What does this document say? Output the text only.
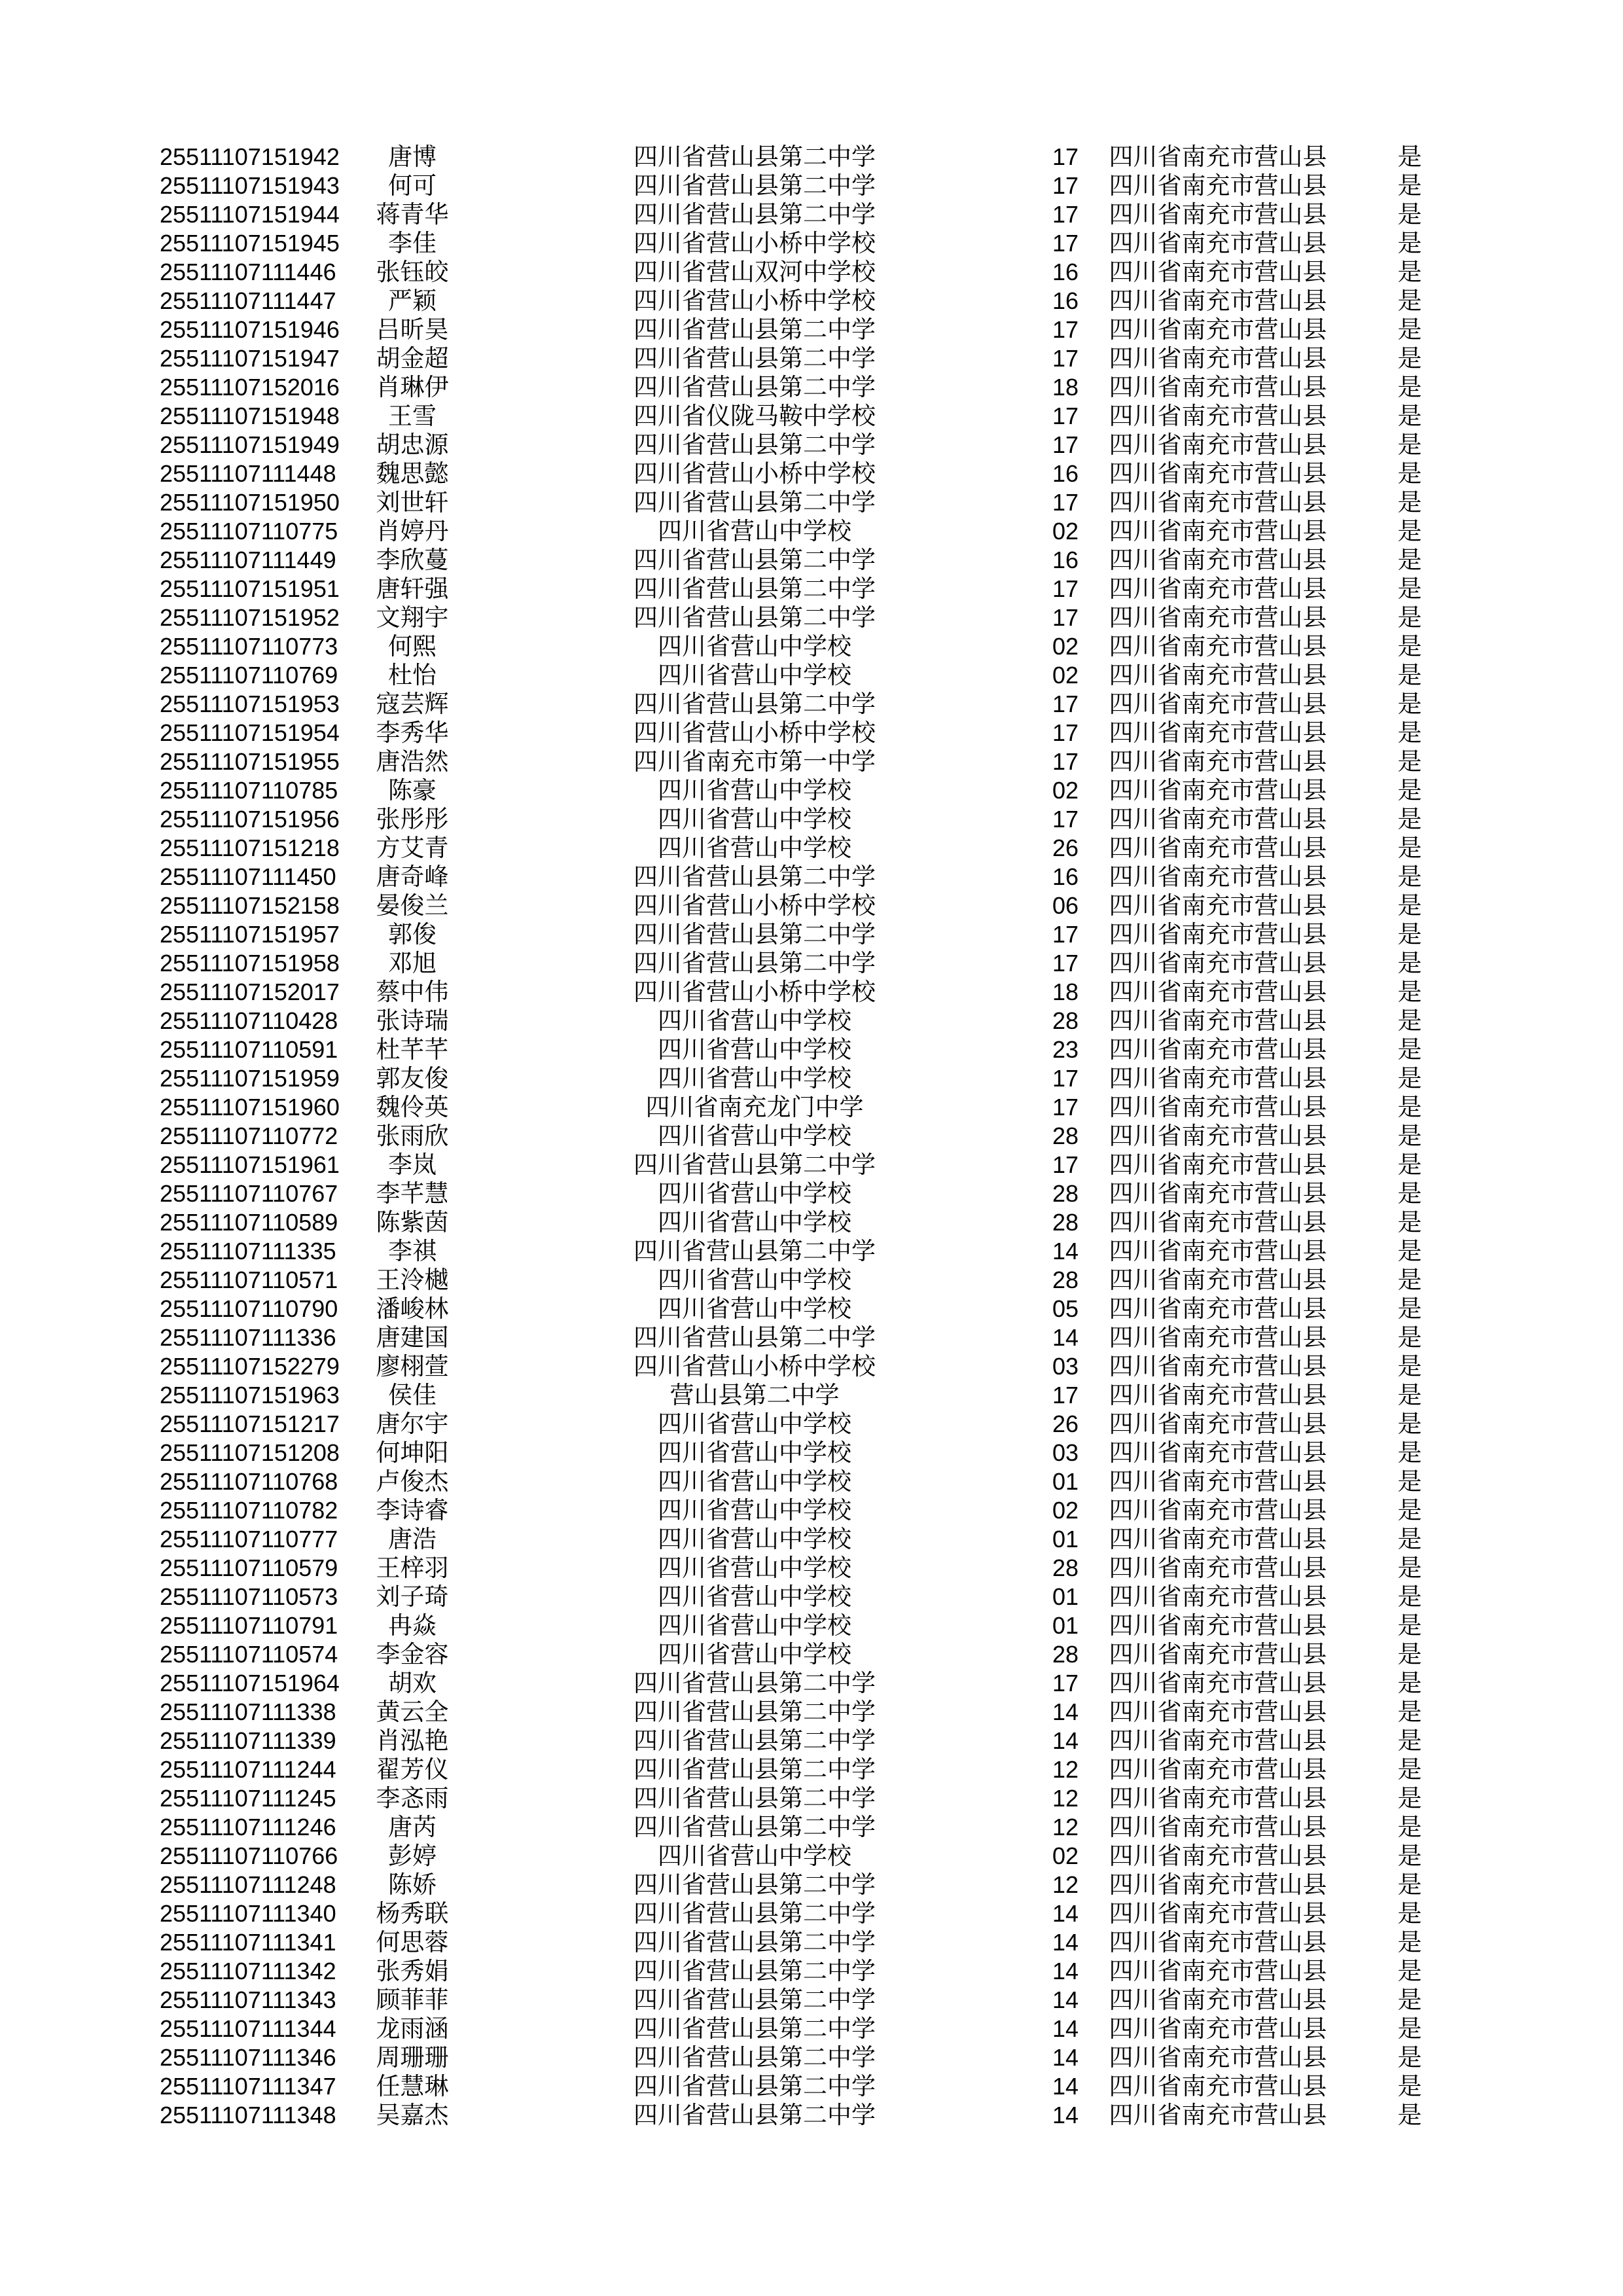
25511107151942	唐博	四川省营山县第二中学	17	四川省南充市营山县	是
25511107151943	何可	四川省营山县第二中学	17	四川省南充市营山县	是
25511107151944	蒋青华	四川省营山县第二中学	17	四川省南充市营山县	是
25511107151945	李佳	四川省营山小桥中学校	17	四川省南充市营山县	是
25511107111446	张钰皎	四川省营山双河中学校	16	四川省南充市营山县	是
25511107111447	严颖	四川省营山小桥中学校	16	四川省南充市营山县	是
25511107151946	吕昕昊	四川省营山县第二中学	17	四川省南充市营山县	是
25511107151947	胡金超	四川省营山县第二中学	17	四川省南充市营山县	是
25511107152016	肖琳伊	四川省营山县第二中学	18	四川省南充市营山县	是
25511107151948	王雪	四川省仪陇马鞍中学校	17	四川省南充市营山县	是
25511107151949	胡忠源	四川省营山县第二中学	17	四川省南充市营山县	是
25511107111448	魏思懿	四川省营山小桥中学校	16	四川省南充市营山县	是
25511107151950	刘世轩	四川省营山县第二中学	17	四川省南充市营山县	是
25511107110775	肖婷丹	四川省营山中学校	02	四川省南充市营山县	是
25511107111449	李欣蔓	四川省营山县第二中学	16	四川省南充市营山县	是
25511107151951	唐轩强	四川省营山县第二中学	17	四川省南充市营山县	是
25511107151952	文翔宇	四川省营山县第二中学	17	四川省南充市营山县	是
25511107110773	何熙	四川省营山中学校	02	四川省南充市营山县	是
25511107110769	杜怡	四川省营山中学校	02	四川省南充市营山县	是
25511107151953	寇芸辉	四川省营山县第二中学	17	四川省南充市营山县	是
25511107151954	李秀华	四川省营山小桥中学校	17	四川省南充市营山县	是
25511107151955	唐浩然	四川省南充市第一中学	17	四川省南充市营山县	是
25511107110785	陈豪	四川省营山中学校	02	四川省南充市营山县	是
25511107151956	张彤彤	四川省营山中学校	17	四川省南充市营山县	是
25511107151218	方艾青	四川省营山中学校	26	四川省南充市营山县	是
25511107111450	唐奇峰	四川省营山县第二中学	16	四川省南充市营山县	是
25511107152158	晏俊兰	四川省营山小桥中学校	06	四川省南充市营山县	是
25511107151957	郭俊	四川省营山县第二中学	17	四川省南充市营山县	是
25511107151958	邓旭	四川省营山县第二中学	17	四川省南充市营山县	是
25511107152017	蔡中伟	四川省营山小桥中学校	18	四川省南充市营山县	是
25511107110428	张诗瑞	四川省营山中学校	28	四川省南充市营山县	是
25511107110591	杜芊芊	四川省营山中学校	23	四川省南充市营山县	是
25511107151959	郭友俊	四川省营山中学校	17	四川省南充市营山县	是
25511107151960	魏伶英	四川省南充龙门中学	17	四川省南充市营山县	是
25511107110772	张雨欣	四川省营山中学校	28	四川省南充市营山县	是
25511107151961	李岚	四川省营山县第二中学	17	四川省南充市营山县	是
25511107110767	李芊慧	四川省营山中学校	28	四川省南充市营山县	是
25511107110589	陈紫茵	四川省营山中学校	28	四川省南充市营山县	是
25511107111335	李祺	四川省营山县第二中学	14	四川省南充市营山县	是
25511107110571	王泠樾	四川省营山中学校	28	四川省南充市营山县	是
25511107110790	潘峻林	四川省营山中学校	05	四川省南充市营山县	是
25511107111336	唐建国	四川省营山县第二中学	14	四川省南充市营山县	是
25511107152279	廖栩萱	四川省营山小桥中学校	03	四川省南充市营山县	是
25511107151963	侯佳	营山县第二中学	17	四川省南充市营山县	是
25511107151217	唐尔宇	四川省营山中学校	26	四川省南充市营山县	是
25511107151208	何坤阳	四川省营山中学校	03	四川省南充市营山县	是
25511107110768	卢俊杰	四川省营山中学校	01	四川省南充市营山县	是
25511107110782	李诗睿	四川省营山中学校	02	四川省南充市营山县	是
25511107110777	唐浩	四川省营山中学校	01	四川省南充市营山县	是
25511107110579	王梓羽	四川省营山中学校	28	四川省南充市营山县	是
25511107110573	刘子琦	四川省营山中学校	01	四川省南充市营山县	是
25511107110791	冉焱	四川省营山中学校	01	四川省南充市营山县	是
25511107110574	李金容	四川省营山中学校	28	四川省南充市营山县	是
25511107151964	胡欢	四川省营山县第二中学	17	四川省南充市营山县	是
25511107111338	黄云全	四川省营山县第二中学	14	四川省南充市营山县	是
25511107111339	肖泓艳	四川省营山县第二中学	14	四川省南充市营山县	是
25511107111244	翟芳仪	四川省营山县第二中学	12	四川省南充市营山县	是
25511107111245	李忞雨	四川省营山县第二中学	12	四川省南充市营山县	是
25511107111246	唐芮	四川省营山县第二中学	12	四川省南充市营山县	是
25511107110766	彭婷	四川省营山中学校	02	四川省南充市营山县	是
25511107111248	陈娇	四川省营山县第二中学	12	四川省南充市营山县	是
25511107111340	杨秀联	四川省营山县第二中学	14	四川省南充市营山县	是
25511107111341	何思蓉	四川省营山县第二中学	14	四川省南充市营山县	是
25511107111342	张秀娟	四川省营山县第二中学	14	四川省南充市营山县	是
25511107111343	顾菲菲	四川省营山县第二中学	14	四川省南充市营山县	是
25511107111344	龙雨涵	四川省营山县第二中学	14	四川省南充市营山县	是
25511107111346	周珊珊	四川省营山县第二中学	14	四川省南充市营山县	是
25511107111347	任慧琳	四川省营山县第二中学	14	四川省南充市营山县	是
25511107111348	吴嘉杰	四川省营山县第二中学	14	四川省南充市营山县	是
